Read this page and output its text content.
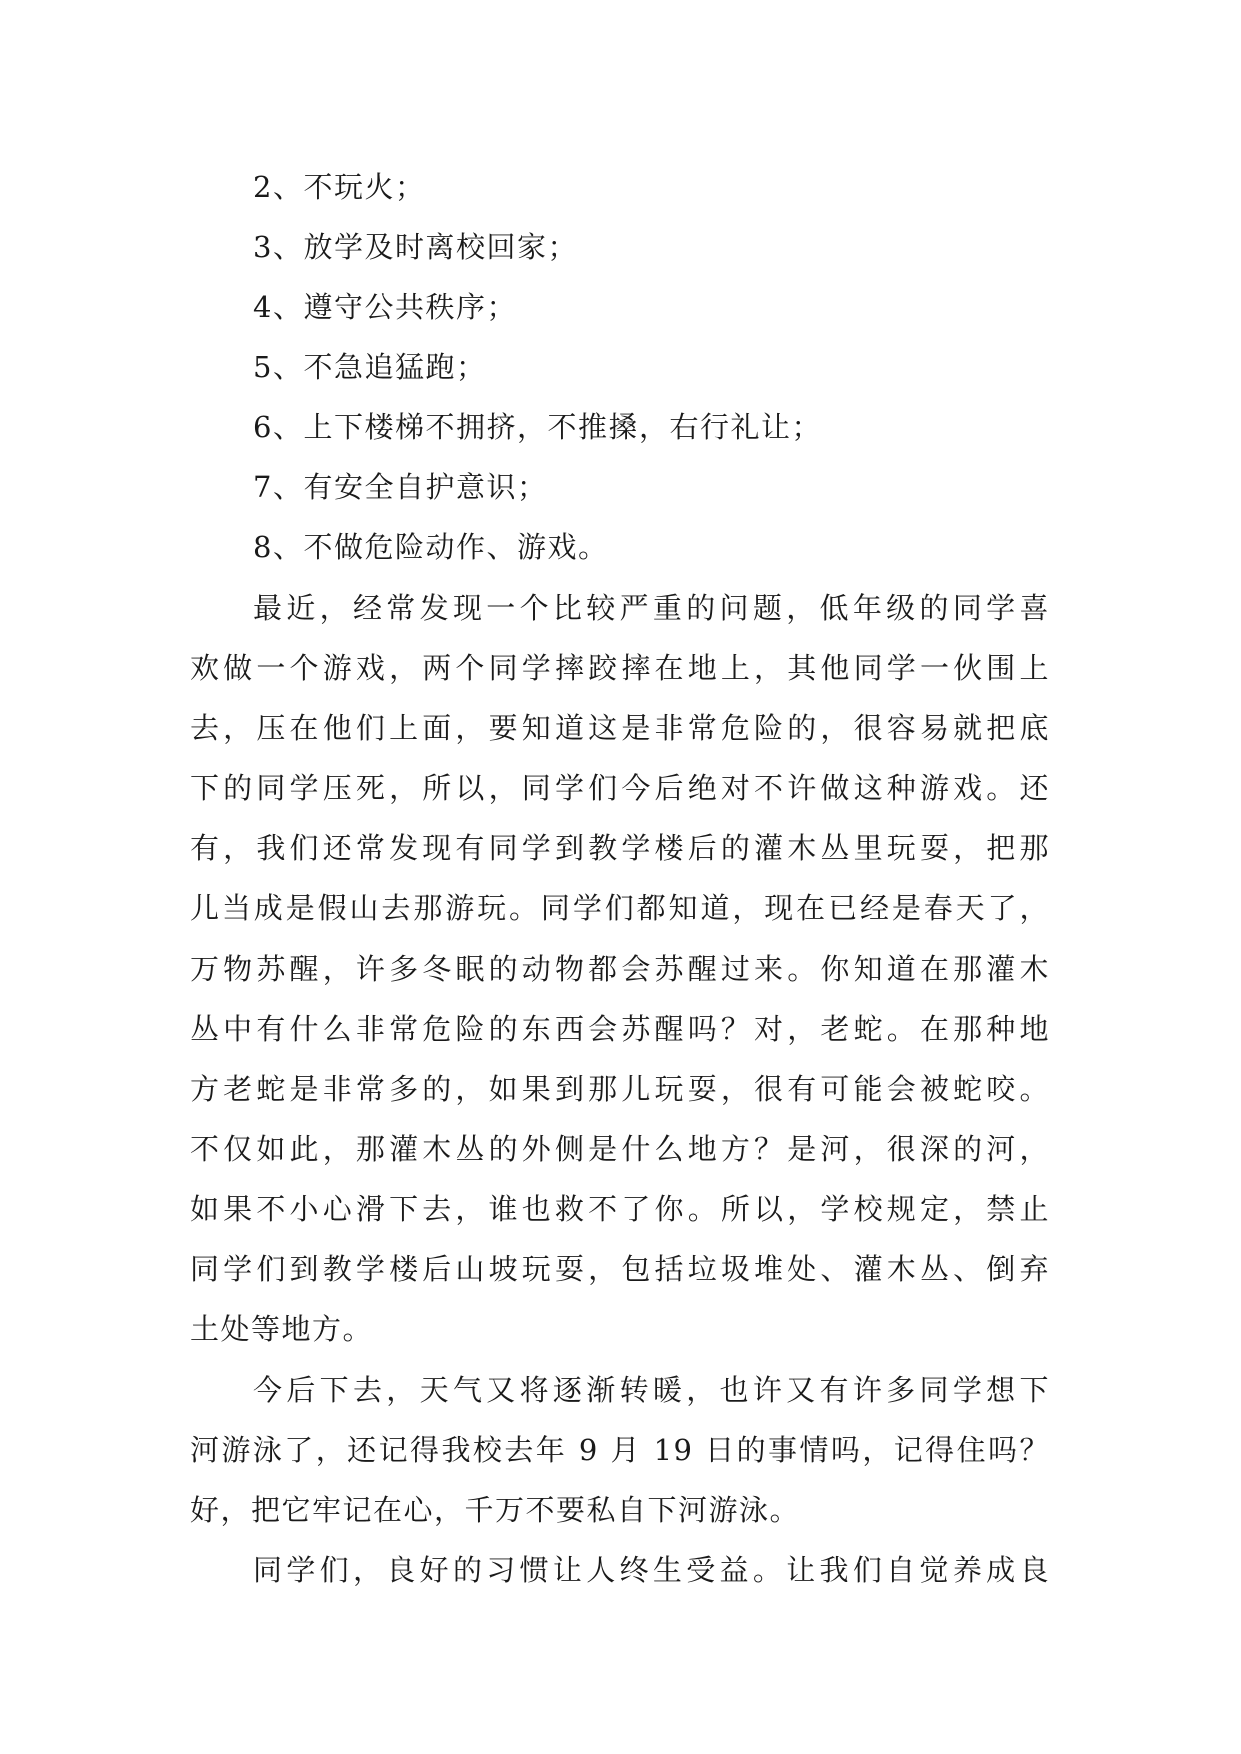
2、不玩火；
3、放学及时离校回家；
4、遵守公共秩序；
5、不急追猛跑；
6、上下楼梯不拥挤，不推搡，右行礼让；
7、有安全自护意识；
8、不做危险动作、游戏。
最近，经常发现一个比较严重的问题，低年级的同学喜
欢做一个游戏，两个同学摔跤摔在地上，其他同学一伙围上
去，压在他们上面，要知道这是非常危险的，很容易就把底
下的同学压死，所以，同学们今后绝对不许做这种游戏。还
有，我们还常发现有同学到教学楼后的灌木丛里玩耍，把那
儿当成是假山去那游玩。同学们都知道，现在已经是春天了，
万物苏醒，许多冬眠的动物都会苏醒过来。你知道在那灌木
丛中有什么非常危险的东西会苏醒吗？对，老蛇。在那种地
方老蛇是非常多的，如果到那儿玩耍，很有可能会被蛇咬。
不仅如此，那灌木丛的外侧是什么地方？是河，很深的河，
如果不小心滑下去，谁也救不了你。所以，学校规定，禁止
同学们到教学楼后山坡玩耍，包括垃圾堆处、灌木丛、倒弃
土处等地方。
今后下去，天气又将逐渐转暖，也许又有许多同学想下
河游泳了，还记得我校去年 9 月 19 日的事情吗，记得住吗？
好，把它牢记在心，千万不要私自下河游泳。
同学们，良好的习惯让人终生受益。让我们自觉养成良
